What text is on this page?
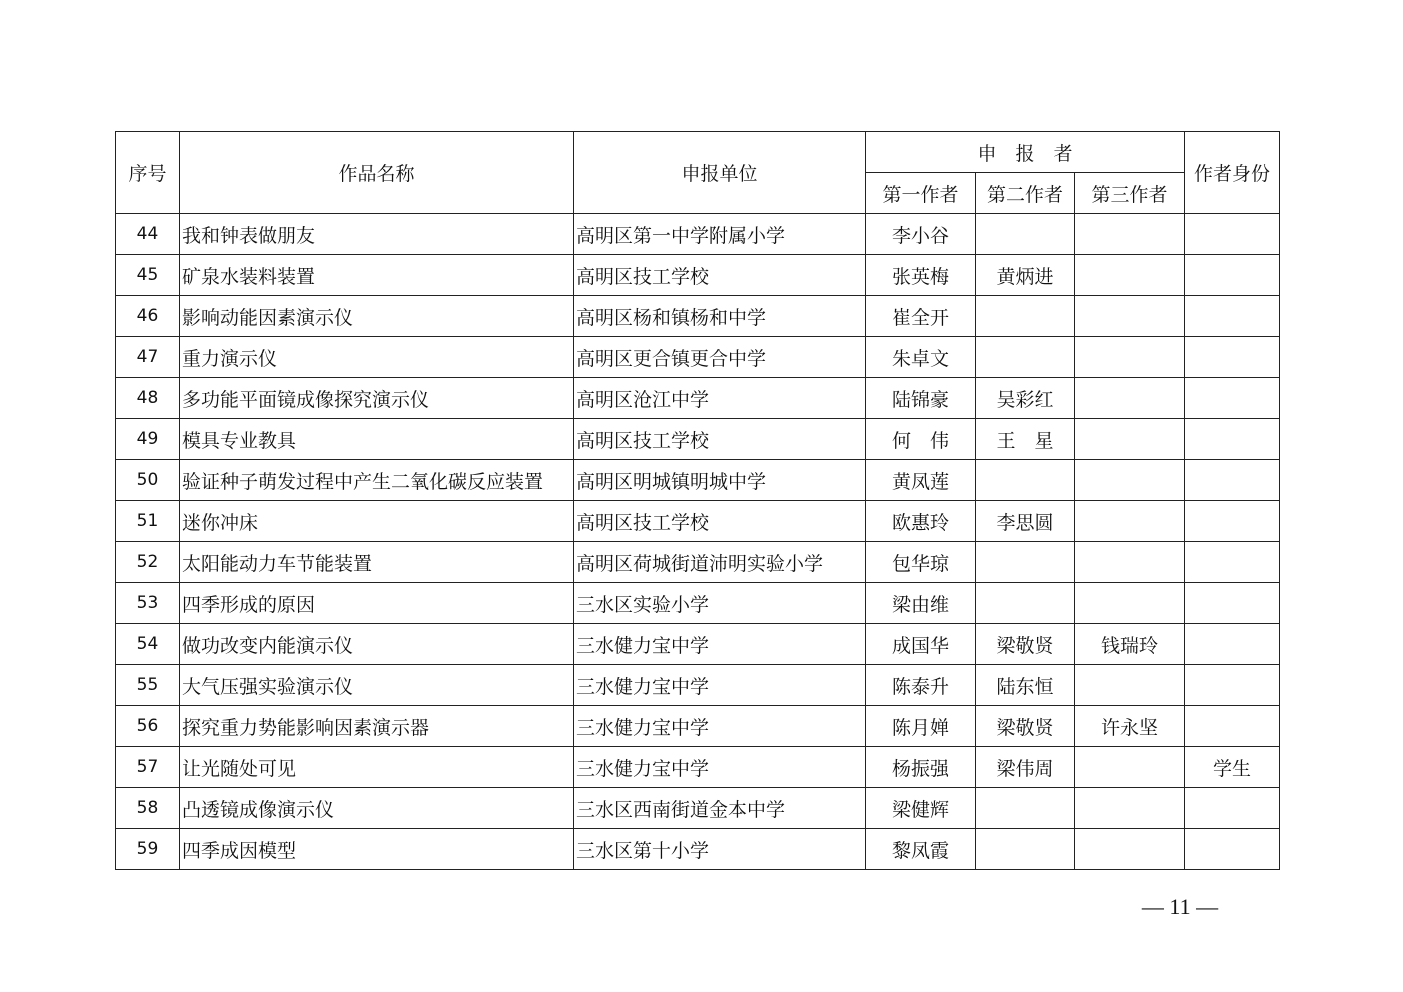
序号	作品名称	申报单位	申　报　者			作者身份
			第一作者	第二作者	第三作者	
44	我和钟表做朋友	高明区第一中学附属小学	李小谷			
45	矿泉水装料装置	高明区技工学校	张英梅	黄炳进		
46	影响动能因素演示仪	高明区杨和镇杨和中学	崔全开			
47	重力演示仪	高明区更合镇更合中学	朱卓文			
48	多功能平面镜成像探究演示仪	高明区沧江中学	陆锦豪	吴彩红		
49	模具专业教具	高明区技工学校	何　伟	王　星		
50	验证种子萌发过程中产生二氧化碳反应装置	高明区明城镇明城中学	黄凤莲			
51	迷你冲床	高明区技工学校	欧惠玲	李思圆		
52	太阳能动力车节能装置	高明区荷城街道沛明实验小学	包华琼			
53	四季形成的原因	三水区实验小学	梁由维			
54	做功改变内能演示仪	三水健力宝中学	成国华	梁敬贤	钱瑞玲	
55	大气压强实验演示仪	三水健力宝中学	陈泰升	陆东恒		
56	探究重力势能影响因素演示器	三水健力宝中学	陈月婵	梁敬贤	许永坚	
57	让光随处可见	三水健力宝中学	杨振强	梁伟周		学生
58	凸透镜成像演示仪	三水区西南街道金本中学	梁健辉			
59	四季成因模型	三水区第十小学	黎凤霞			
— 11 —
